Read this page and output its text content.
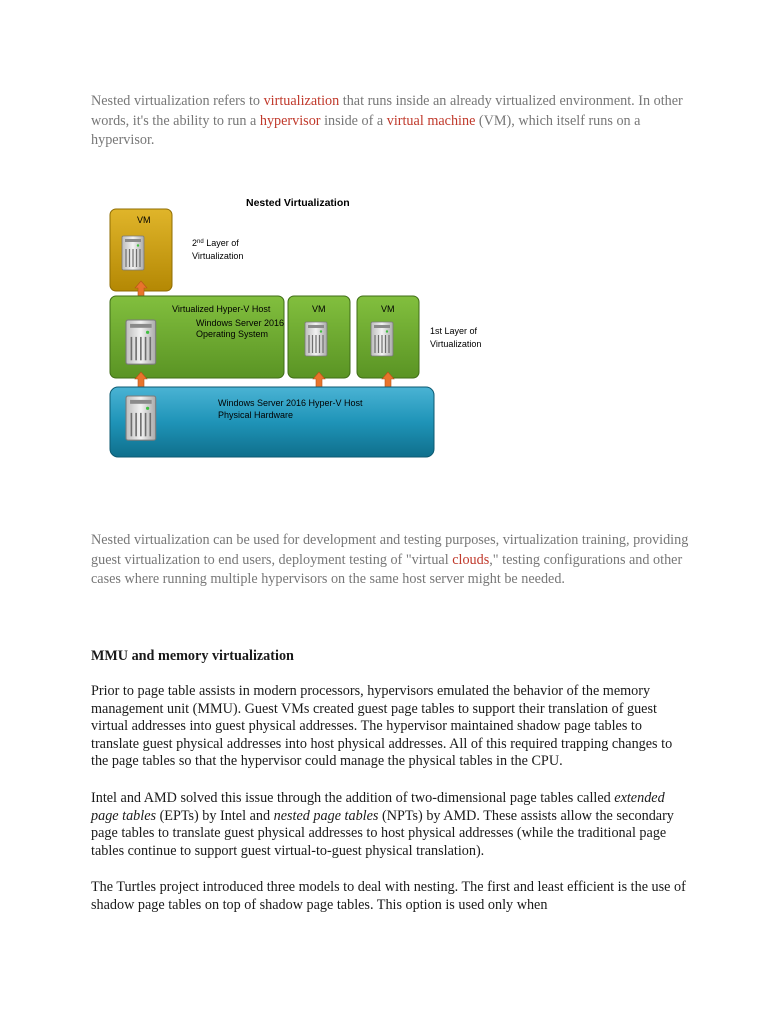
Nested virtualization refers to virtualization that runs inside an already virtualized environment. In other words, it's the ability to run a hypervisor inside of a virtual machine (VM), which itself runs on a hypervisor.

Nested Virtualization
VM
2nd Layer of
Virtualization
Virtualized Hyper-V Host
Windows Server 2016
Operating System
VM	VM
1st Layer of
Virtualization
Windows Server 2016 Hyper-V Host
Physical Hardware

Nested virtualization can be used for development and testing purposes, virtualization training, providing guest virtualization to end users, deployment testing of "virtual clouds," testing configurations and other cases where running multiple hypervisors on the same host server might be needed.

MMU and memory virtualization

Prior to page table assists in modern processors, hypervisors emulated the behavior of the memory management unit (MMU). Guest VMs created guest page tables to support their translation of guest virtual addresses into guest physical addresses. The hypervisor maintained shadow page tables to translate guest physical addresses into host physical addresses. All of this required trapping changes to the page tables so that the hypervisor could manage the physical tables in the CPU.

Intel and AMD solved this issue through the addition of two-dimensional page tables called extended page tables (EPTs) by Intel and nested page tables (NPTs) by AMD. These assists allow the secondary page tables to translate guest physical addresses to host physical addresses (while the traditional page tables continue to support guest virtual-to-guest physical translation).

The Turtles project introduced three models to deal with nesting. The first and least efficient is the use of shadow page tables on top of shadow page tables. This option is used only when
